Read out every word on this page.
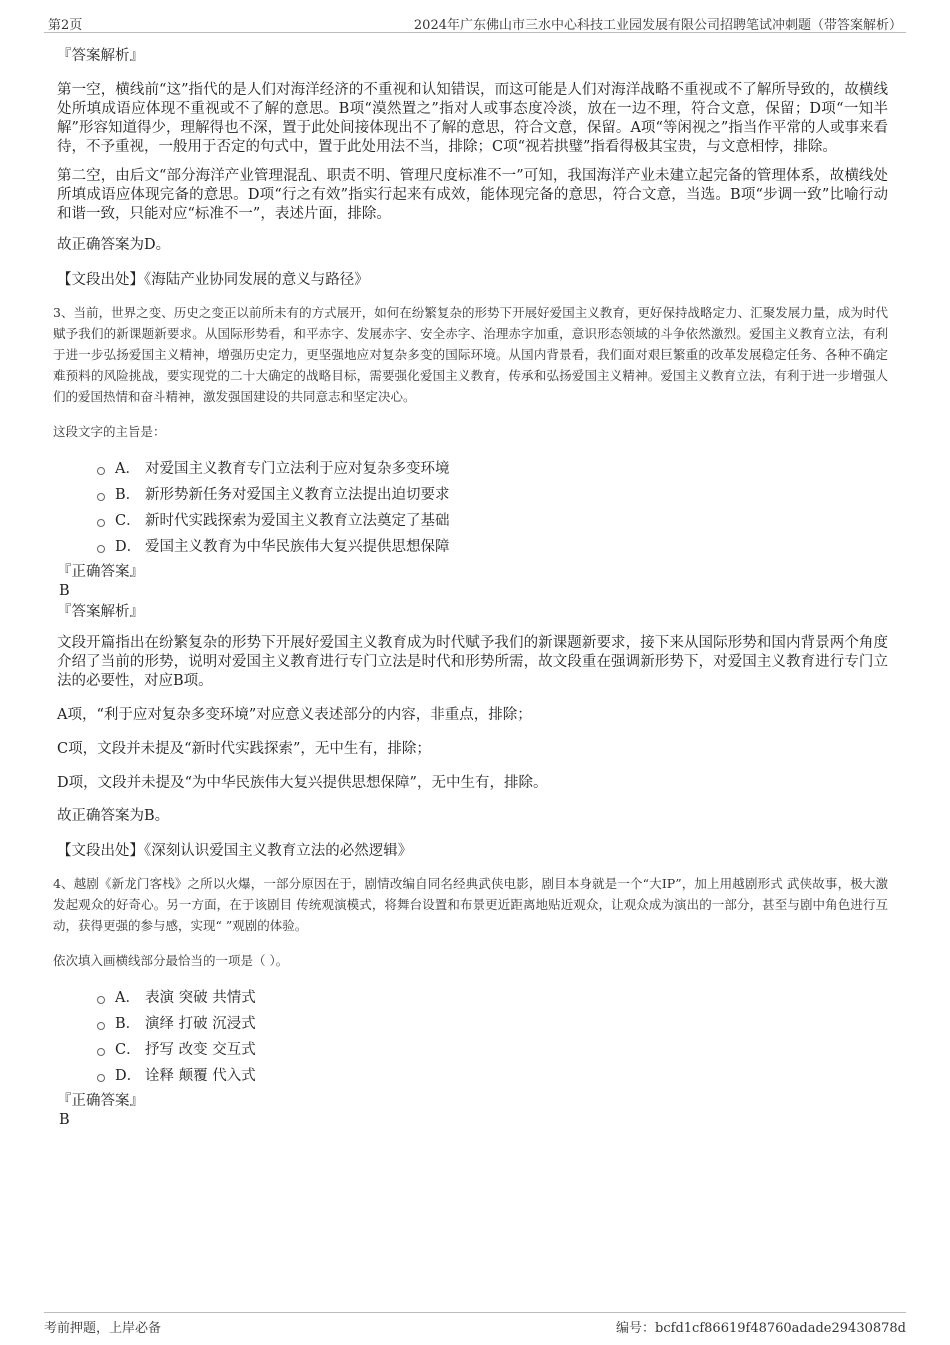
第2页	2024年广东佛山市三水中心科技工业园发展有限公司招聘笔试冲刺题（带答案解析）

『答案解析』

第一空，横线前“这”指代的是人们对海洋经济的不重视和认知错误，而这可能是人们对海洋战略不重视或不了解所导致的，故横线处所填成语应体现不重视或不了解的意思。B项“漠然置之”指对人或事态度冷淡，放在一边不理，符合文意，保留；D项“一知半解”形容知道得少，理解得也不深，置于此处间接体现出不了解的意思，符合文意，保留。A项“等闲视之”指当作平常的人或事来看待，不予重视，一般用于否定的句式中，置于此处用法不当，排除；C项“视若拱璧”指看得极其宝贵，与文意相悖，排除。

第二空，由后文“部分海洋产业管理混乱、职责不明、管理尺度标准不一”可知，我国海洋产业未建立起完备的管理体系，故横线处所填成语应体现完备的意思。D项“行之有效”指实行起来有成效，能体现完备的意思，符合文意，当选。B项“步调一致”比喻行动和谐一致，只能对应“标准不一”，表述片面，排除。

故正确答案为D。

【文段出处】《海陆产业协同发展的意义与路径》

3、当前，世界之变、历史之变正以前所未有的方式展开，如何在纷繁复杂的形势下开展好爱国主义教育，更好保持战略定力、汇聚发展力量，成为时代赋予我们的新课题新要求。从国际形势看，和平赤字、发展赤字、安全赤字、治理赤字加重，意识形态领域的斗争依然激烈。爱国主义教育立法，有利于进一步弘扬爱国主义精神，增强历史定力，更坚强地应对复杂多变的国际环境。从国内背景看，我们面对艰巨繁重的改革发展稳定任务、各种不确定难预料的风险挑战，要实现党的二十大确定的战略目标，需要强化爱国主义教育，传承和弘扬爱国主义精神。爱国主义教育立法，有利于进一步增强人们的爱国热情和奋斗精神，激发强国建设的共同意志和坚定决心。

这段文字的主旨是：

A． 对爱国主义教育专门立法利于应对复杂多变环境
B． 新形势新任务对爱国主义教育立法提出迫切要求
C． 新时代实践探索为爱国主义教育立法奠定了基础
D． 爱国主义教育为中华民族伟大复兴提供思想保障

『正确答案』

B

『答案解析』

文段开篇指出在纷繁复杂的形势下开展好爱国主义教育成为时代赋予我们的新课题新要求，接下来从国际形势和国内背景两个角度介绍了当前的形势，说明对爱国主义教育进行专门立法是时代和形势所需，故文段重在强调新形势下，对爱国主义教育进行专门立法的必要性，对应B项。

A项，“利于应对复杂多变环境”对应意义表述部分的内容，非重点，排除；

C项，文段并未提及“新时代实践探索”，无中生有，排除；

D项，文段并未提及“为中华民族伟大复兴提供思想保障”，无中生有，排除。

故正确答案为B。

【文段出处】《深刻认识爱国主义教育立法的必然逻辑》

4、越剧《新龙门客栈》之所以火爆，一部分原因在于，剧情改编自同名经典武侠电影，剧目本身就是一个“大IP”，加上用越剧形式 武侠故事，极大激发起观众的好奇心。另一方面，在于该剧目 传统观演模式，将舞台设置和布景更近距离地贴近观众，让观众成为演出的一部分，甚至与剧中角色进行互动，获得更强的参与感，实现“ ”观剧的体验。

依次填入画横线部分最恰当的一项是（ ）。

A． 表演 突破 共情式
B． 演绎 打破 沉浸式
C． 抒写 改变 交互式
D． 诠释 颠覆 代入式

『正确答案』

B

考前押题，上岸必备	编号：bcfd1cf86619f48760adade29430878d
